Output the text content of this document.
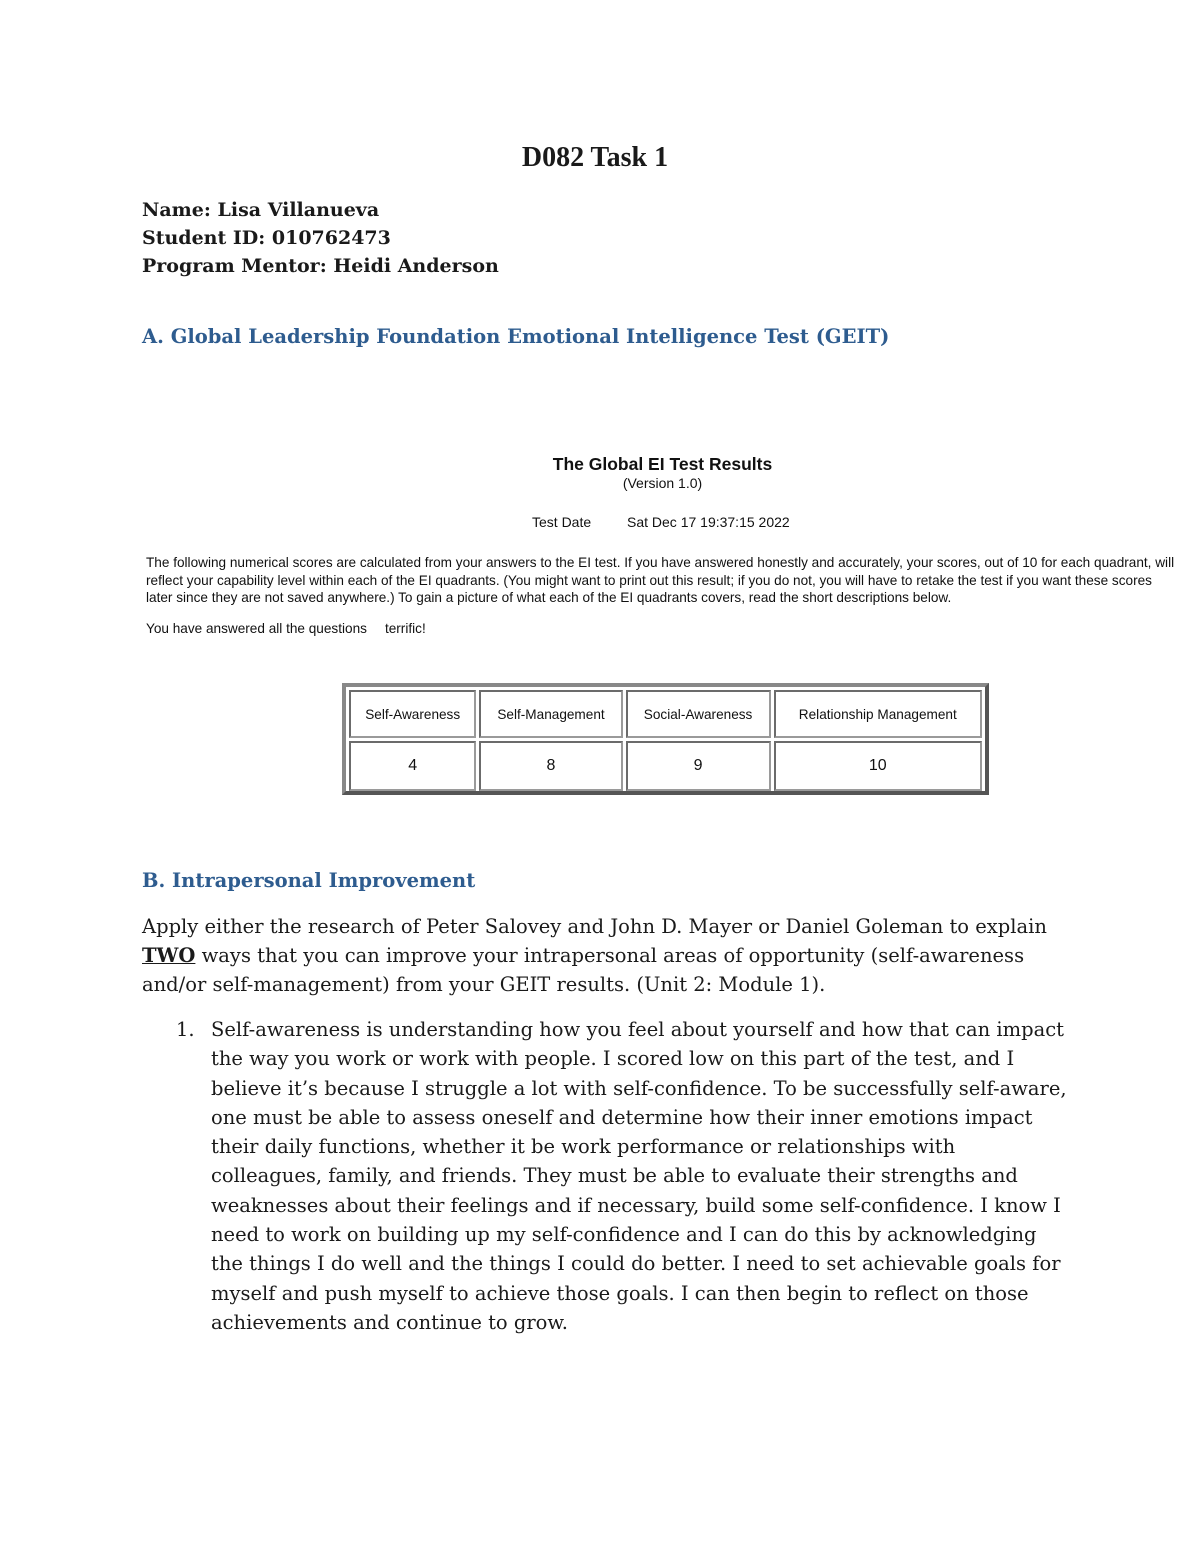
D082 Task 1
Name: Lisa Villanueva
Student ID: 010762473
Program Mentor: Heidi Anderson
A. Global Leadership Foundation Emotional Intelligence Test (GEIT)
The Global EI Test Results
(Version 1.0)
Test Date	Sat Dec 17 19:37:15 2022
The following numerical scores are calculated from your answers to the EI test. If you have answered honestly and accurately, your scores, out of 10 for each quadrant, will reflect your capability level within each of the EI quadrants. (You might want to print out this result; if you do not, you will have to retake the test if you want these scores later since they are not saved anywhere.) To gain a picture of what each of the EI quadrants covers, read the short descriptions below.
You have answered all the questions terrific!
Self-Awareness	Self-Management	Social-Awareness	Relationship Management
4	8	9	10
B. Intrapersonal Improvement
Apply either the research of Peter Salovey and John D. Mayer or Daniel Goleman to explain
TWO ways that you can improve your intrapersonal areas of opportunity (self-awareness and/or self-management) from your GEIT results. (Unit 2: Module 1).
1. Self-awareness is understanding how you feel about yourself and how that can impact the way you work or work with people. I scored low on this part of the test, and I believe it’s because I struggle a lot with self-confidence. To be successfully self-aware, one must be able to assess oneself and determine how their inner emotions impact their daily functions, whether it be work performance or relationships with colleagues, family, and friends. They must be able to evaluate their strengths and weaknesses about their feelings and if necessary, build some self-confidence. I know I need to work on building up my self-confidence and I can do this by acknowledging the things I do well and the things I could do better. I need to set achievable goals for myself and push myself to achieve those goals. I can then begin to reflect on those achievements and continue to grow.
